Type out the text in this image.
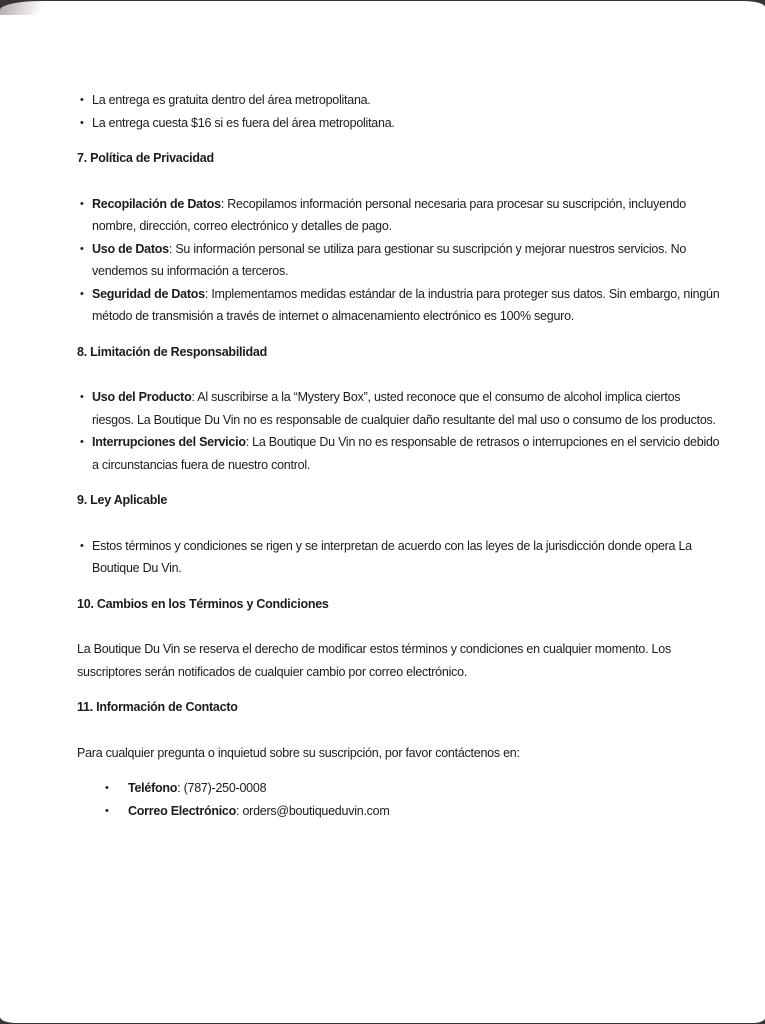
• La entrega es gratuita dentro del área metropolitana.
• La entrega cuesta $16 si es fuera del área metropolitana.
7. Política de Privacidad
• Recopilación de Datos: Recopilamos información personal necesaria para procesar su suscripción, incluyendo nombre, dirección, correo electrónico y detalles de pago.
• Uso de Datos: Su información personal se utiliza para gestionar su suscripción y mejorar nuestros servicios. No vendemos su información a terceros.
• Seguridad de Datos: Implementamos medidas estándar de la industria para proteger sus datos. Sin embargo, ningún método de transmisión a través de internet o almacenamiento electrónico es 100% seguro.
8. Limitación de Responsabilidad
• Uso del Producto: Al suscribirse a la “Mystery Box”, usted reconoce que el consumo de alcohol implica ciertos riesgos. La Boutique Du Vin no es responsable de cualquier daño resultante del mal uso o consumo de los productos.
• Interrupciones del Servicio: La Boutique Du Vin no es responsable de retrasos o interrupciones en el servicio debido a circunstancias fuera de nuestro control.
9. Ley Aplicable
• Estos términos y condiciones se rigen y se interpretan de acuerdo con las leyes de la jurisdicción donde opera La Boutique Du Vin.
10. Cambios en los Términos y Condiciones
La Boutique Du Vin se reserva el derecho de modificar estos términos y condiciones en cualquier momento. Los suscriptores serán notificados de cualquier cambio por correo electrónico.
11. Información de Contacto
Para cualquier pregunta o inquietud sobre su suscripción, por favor contáctenos en:
• Teléfono: (787)-250-0008
• Correo Electrónico: orders@boutiqueduvin.com
